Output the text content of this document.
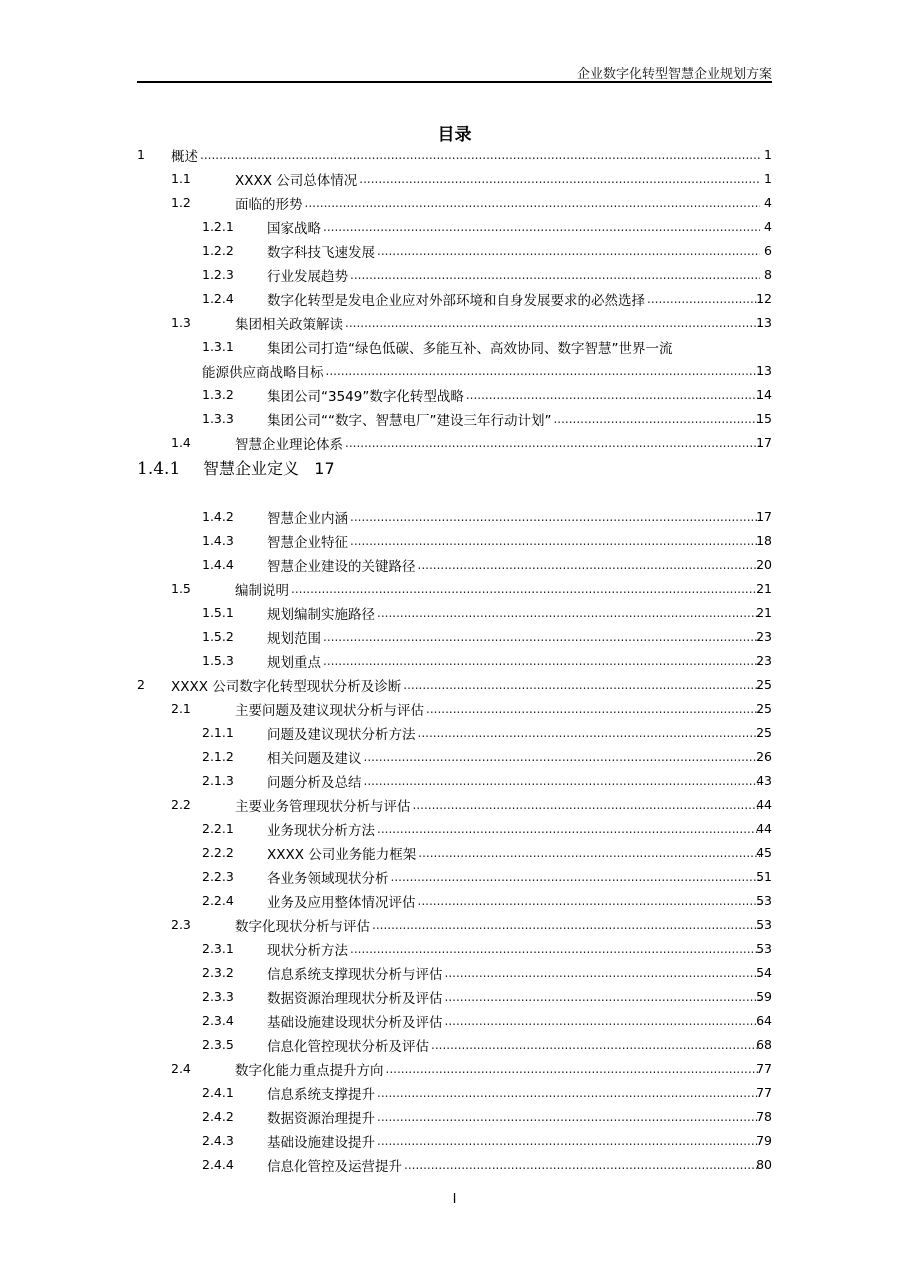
企业数字化转型智慧企业规划方案
目录
1 概述 .....	1
1.1	XXXX 公司总体情况 .....	1
1.2	面临的形势 .....	4
1.2.1 国家战略 .....	4
1.2.2 数字科技飞速发展 .....	6
1.2.3 行业发展趋势 .....	8
1.2.4 数字化转型是发电企业应对外部环境和自身发展要求的必然选择 .....	12
1.3	集团相关政策解读 .....	13
1.3.1 集团公司打造“绿色低碳、多能互补、高效协同、数字智慧”世界一流
能源供应商战略目标 .....	13
1.3.2 集团公司“3549”数字化转型战略 .....	14
1.3.3 集团公司““数字、智慧电厂”建设三年行动计划” .....	15
1.4	智慧企业理论体系 .....	17
1.4.1 智慧企业定义   17
1.4.2 智慧企业内涵 .....	17
1.4.3 智慧企业特征 .....	18
1.4.4 智慧企业建设的关键路径 .....	20
1.5	编制说明 .....	21
1.5.1 规划编制实施路径 .....	21
1.5.2 规划范围 .....	23
1.5.3 规划重点 .....	23
2 XXXX 公司数字化转型现状分析及诊断 .....	25
2.1	主要问题及建议现状分析与评估 .....	25
2.1.1 问题及建议现状分析方法 .....	25
2.1.2 相关问题及建议 .....	26
2.1.3 问题分析及总结 .....	43
2.2	主要业务管理现状分析与评估 .....	44
2.2.1 业务现状分析方法 .....	44
2.2.2 XXXX 公司业务能力框架 .....	45
2.2.3 各业务领域现状分析 .....	51
2.2.4 业务及应用整体情况评估 .....	53
2.3	数字化现状分析与评估 .....	53
2.3.1 现状分析方法 .....	53
2.3.2 信息系统支撑现状分析与评估 .....	54
2.3.3 数据资源治理现状分析及评估 .....	59
2.3.4 基础设施建设现状分析及评估 .....	64
2.3.5 信息化管控现状分析及评估 .....	68
2.4	数字化能力重点提升方向 .....	77
2.4.1 信息系统支撑提升 .....	77
2.4.2 数据资源治理提升 .....	78
2.4.3 基础设施建设提升 .....	79
2.4.4 信息化管控及运营提升 .....	80
I
